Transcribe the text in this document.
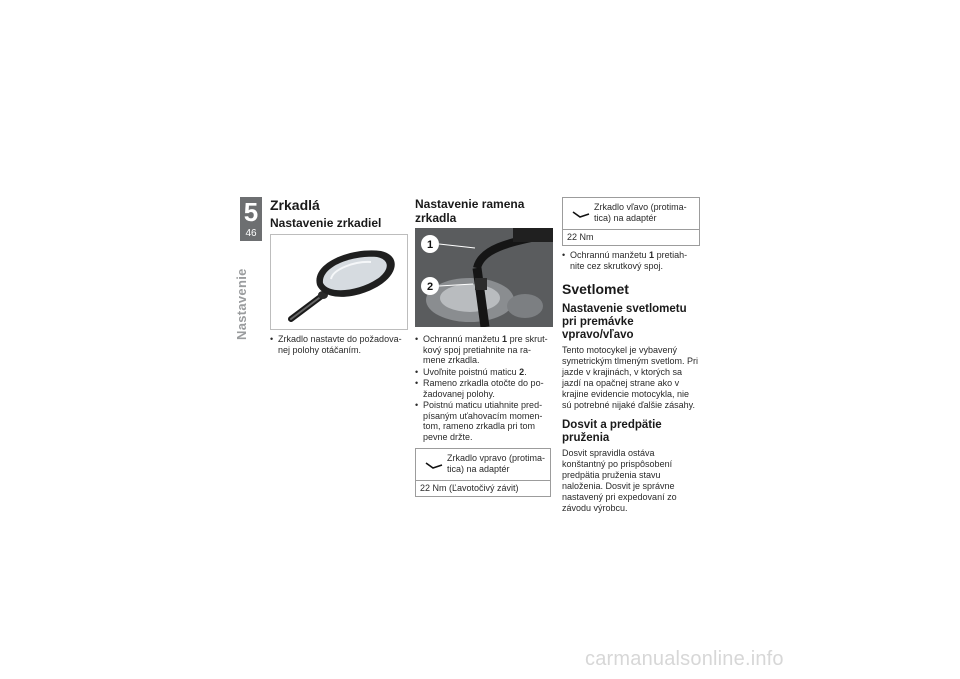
5
46
Nastavenie
Zrkadlá
Nastavenie zrkadiel
• Zrkadlo nastavte do požadova-nej polohy otáčaním.
Nastavenie ramena zrkadla
1
2
• Ochrannú manžetu 1 pre skrut-kový spoj pretiahnite na ra-mene zrkadla.
• Uvoľnite poistnú maticu 2.
• Rameno zrkadla otočte do po-žadovanej polohy.
• Poistnú maticu utiahnite pred-písaným uťahovacím momen-tom, rameno zrkadla pri tom pevne držte.
Zrkadlo vpravo (protima-tica) na adaptér
22 Nm (Ľavotočivý závit)
Zrkadlo vľavo (protima-tica) na adaptér
22 Nm
• Ochrannú manžetu 1 pretiah-nite cez skrutkový spoj.
Svetlomet
Nastavenie svetlometu pri premávke vpravo/vľavo

Tento motocykel je vybavený symetrickým tlmeným svetlom. Pri jazde v krajinách, v ktorých sa jazdí na opačnej strane ako v krajine evidencie motocykla, nie sú potrebné nijaké ďalšie zásahy.

Dosvit a predpätie pruženia

Dosvit spravidla ostáva konštantný po prispôsobení predpätia pruženia stavu naloženia. Dosvit je správne nastavený pri expedovaní zo závodu výrobcu.

carmanualsonline.info
